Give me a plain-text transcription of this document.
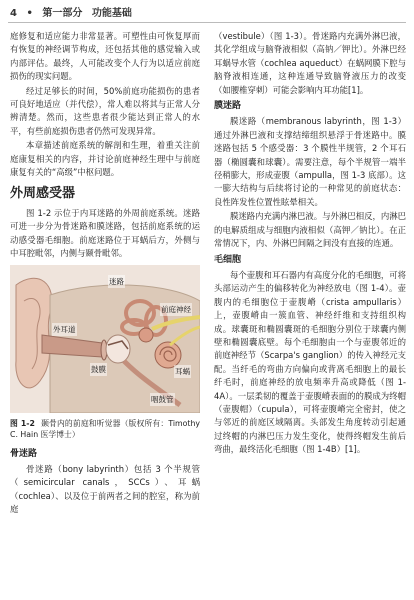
4 • 第一部分 功能基础

庭修复和适应能力非常显著。可塑性由可恢复厚而有恢复的神经调节构成，还包括其他的感觉输入或内部评估。最终，人可能改变个人行为以适应前庭损伤的现实问题。

经过足够长的时间，50%前庭功能损伤的患者可良好地适应（并代偿），常人难以将其与正常人分辨清楚。然而，这些患者很少能达到正常人的水平，有些前庭损伤患者仍然可发现异常。

本章描述前庭系统的解剖和生理，着重关注前庭康复相关的内容，并讨论前庭神经生理中与前庭康复有关的“高级”中枢问题。

外周感受器

图 1-2 示位于内耳迷路的外周前庭系统。迷路可进一步分为骨迷路和膜迷路，包括前庭系统的运动感受器毛细胞。前庭迷路位于耳蜗后方，外侧与中耳腔毗邻，内侧与颞骨毗邻。

迷路
前庭神经
外耳道
鼓膜	耳蜗
咽鼓管
图 1-2 颞骨内的前庭和听觉器（版权所有：Timothy C. Hain 医学博士）
骨迷路

骨迷路（bony labyrinth）包括 3 个半规管（semicircular canals，SCCs）、耳蜗（cochlea）、以及位于前两者之间的腔室，称为前庭

（vestibule）（图 1-3）。骨迷路内充满外淋巴液，其化学组成与脑脊液相似（高钠／钾比）。外淋巴经耳蜗导水管（cochlea aqueduct）在蜗网膜下腔与脑脊液相连通，这种连通导致脑脊液压力的改变（如腰椎穿刺）可能会影响内耳功能[1]。

膜迷路

膜迷路（membranous labyrinth，图 1-3）通过外淋巴液和支撑结缔组织悬浮于骨迷路中。膜迷路包括 5 个感受器：3 个膜性半规管，2 个耳石器（椭圆囊和球囊）。需要注意，每个半规管一端半径稍膨大，形成壶腹（ampulla，图 1-3 底部）。这一膨大结构与后续将讨论的一种常见的前庭状态：良性阵发性位置性眩晕相关。

膜迷路内充满内淋巴液。与外淋巴相反，内淋巴的电解质组成与细胞内液相似（高钾／钠比）。在正常情况下，内、外淋巴间隔之间没有直接的连通。

毛细胞

每个壶腹和耳石器内有高度分化的毛细胞，可将头部运动产生的偏移转化为神经放电（图 1-4）。壶腹内的毛细胞位于壶腹嵴（crista ampullaris）上，壶腹嵴由一簇血管、神经纤维和支持组织构成。球囊斑和椭圆囊斑的毛细胞分别位于球囊内侧壁和椭圆囊底壁。每个毛细胞由一个与壶腹邻近的前庭神经节（Scarpa's ganglion）的传入神经元支配。当纤毛的弯曲方向偏向或背离毛细胞上的最长纤毛时，前庭神经的放电频率升高或降低（图 1-4A）。一层柔韧的覆盖于壶腹嵴表面的的膜成为终帽（壶腹帽）（cupula），可将壶腹嵴完全密封，使之与邻近的前庭区域隔离。头部发生角度转动引起通过终帽的内淋巴压力发生变化，使得终帽发生前后弯曲，最终活化毛细胞（图 1-4B）[1]。
